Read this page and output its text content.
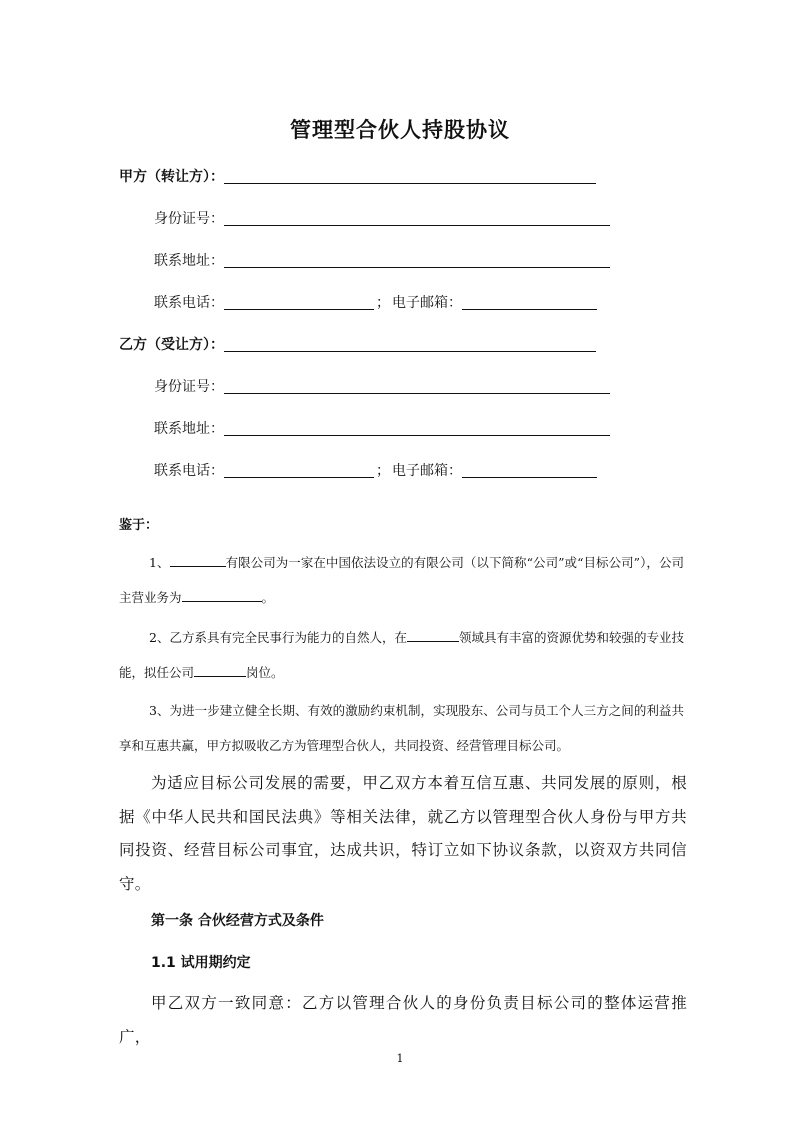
管理型合伙人持股协议
甲方（转让方）：
身份证号：
联系地址：
联系电话：	； 电子邮箱：
乙方（受让方）：
身份证号：
联系地址：
联系电话：	； 电子邮箱：
鉴于：
1、	有限公司为一家在中国依法设立的有限公司（以下简称“公司”或“目标公司”），公司主营业务为	。
2、乙方系具有完全民事行为能力的自然人，在	领域具有丰富的资源优势和较强的专业技能，拟任公司	岗位。
3、为进一步建立健全长期、有效的激励约束机制，实现股东、公司与员工个人三方之间的利益共享和互惠共赢，甲方拟吸收乙方为管理型合伙人，共同投资、经营管理目标公司。
为适应目标公司发展的需要，甲乙双方本着互信互惠、共同发展的原则，根据《中华人民共和国民法典》等相关法律，就乙方以管理型合伙人身份与甲方共同投资、经营目标公司事宜，达成共识，特订立如下协议条款，以资双方共同信守。
第一条 合伙经营方式及条件
1.1 试用期约定
甲乙双方一致同意：乙方以管理合伙人的身份负责目标公司的整体运营推广，
1
